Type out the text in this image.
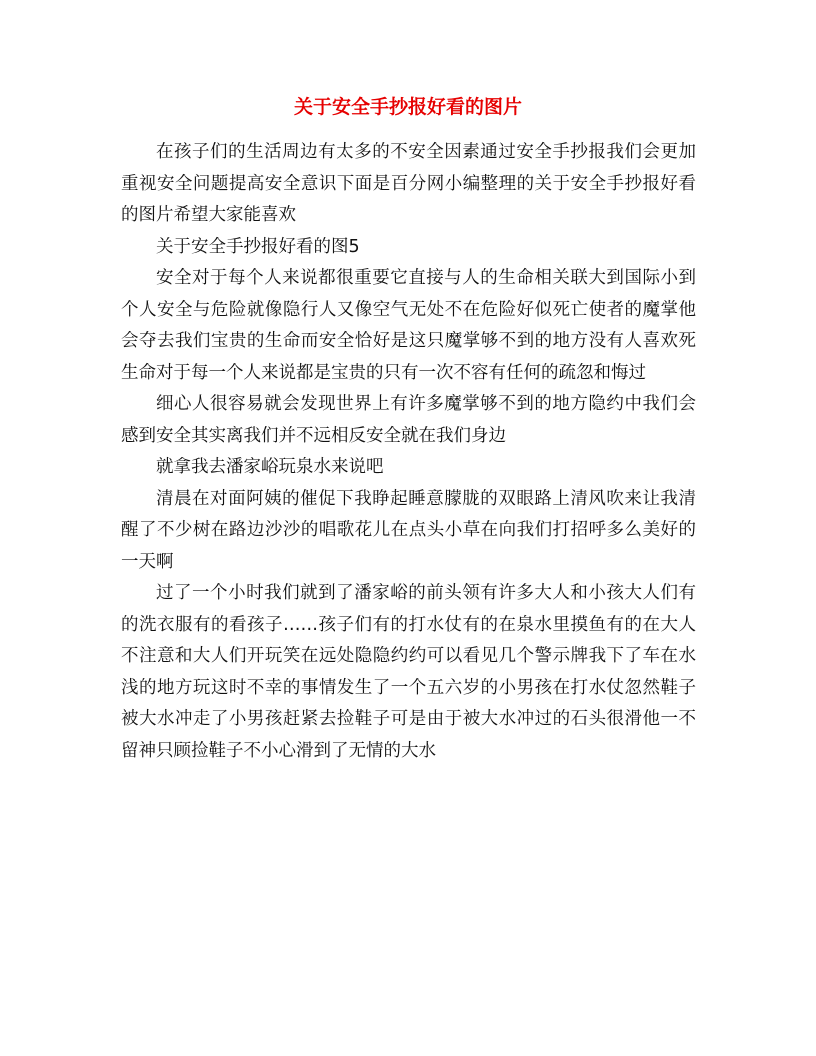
关于安全手抄报好看的图片

在孩子们的生活周边有太多的不安全因素通过安全手抄报我们会更加重视安全问题提高安全意识下面是百分网小编整理的关于安全手抄报好看的图片希望大家能喜欢

关于安全手抄报好看的图5

安全对于每个人来说都很重要它直接与人的生命相关联大到国际小到个人安全与危险就像隐行人又像空气无处不在危险好似死亡使者的魔掌他会夺去我们宝贵的生命而安全恰好是这只魔掌够不到的地方没有人喜欢死生命对于每一个人来说都是宝贵的只有一次不容有任何的疏忽和悔过

细心人很容易就会发现世界上有许多魔掌够不到的地方隐约中我们会感到安全其实离我们并不远相反安全就在我们身边

就拿我去潘家峪玩泉水来说吧

清晨在对面阿姨的催促下我睁起睡意朦胧的双眼路上清风吹来让我清醒了不少树在路边沙沙的唱歌花儿在点头小草在向我们打招呼多么美好的一天啊

过了一个小时我们就到了潘家峪的前头领有许多大人和小孩大人们有的洗衣服有的看孩子……孩子们有的打水仗有的在泉水里摸鱼有的在大人不注意和大人们开玩笑在远处隐隐约约可以看见几个警示牌我下了车在水浅的地方玩这时不幸的事情发生了一个五六岁的小男孩在打水仗忽然鞋子被大水冲走了小男孩赶紧去捡鞋子可是由于被大水冲过的石头很滑他一不留神只顾捡鞋子不小心滑到了无情的大水
